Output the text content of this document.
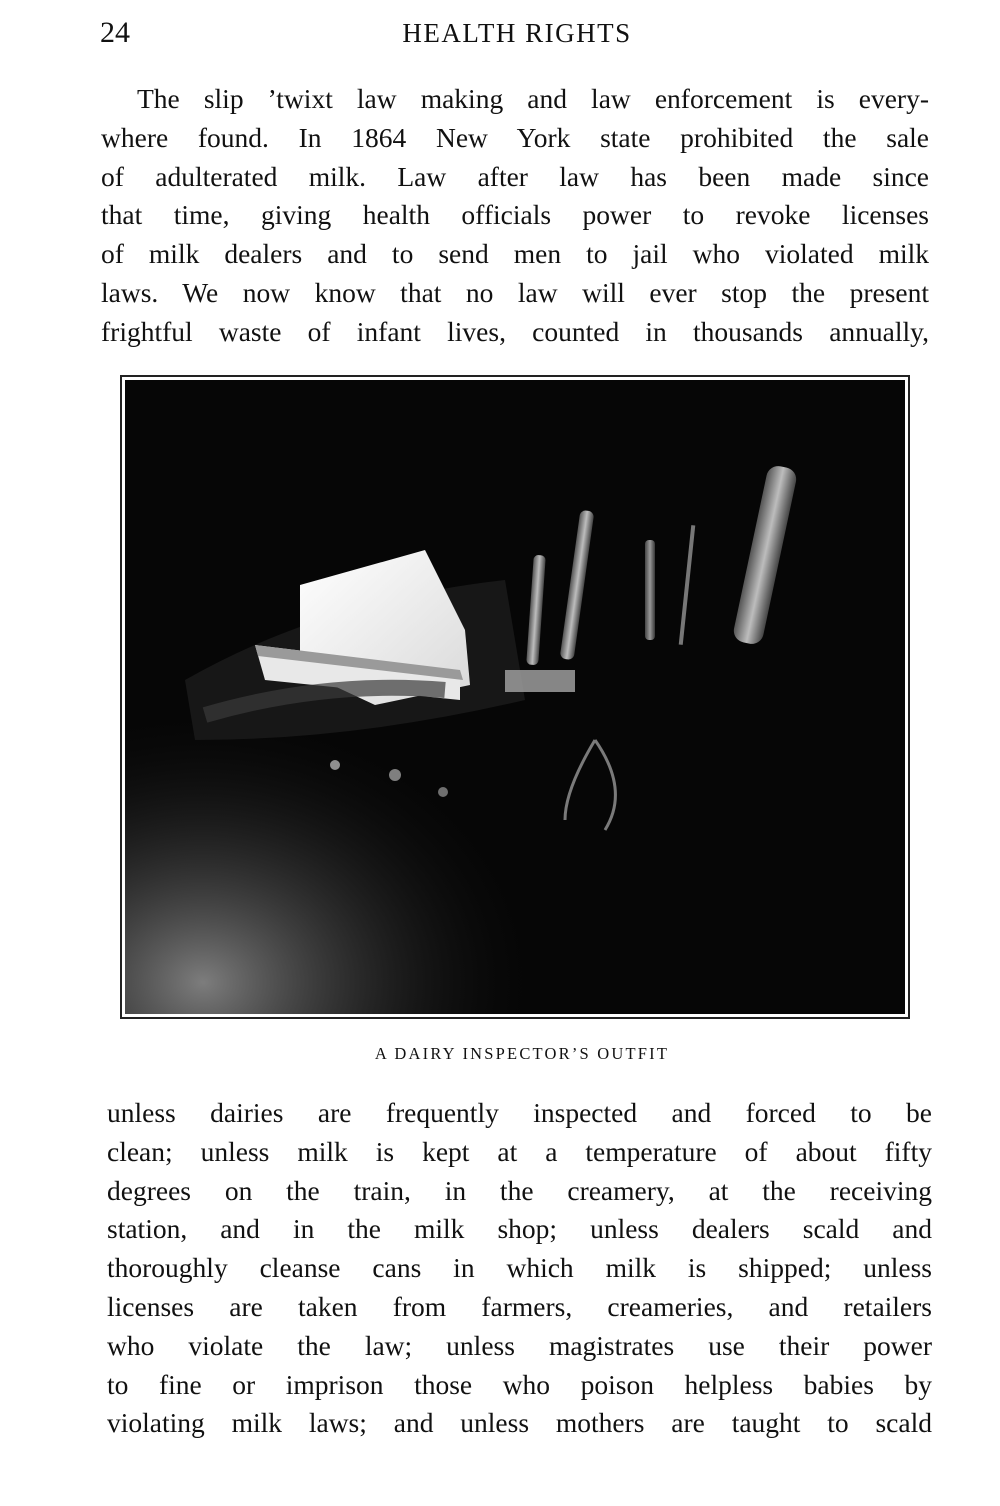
24	HEALTH RIGHTS

The slip ’twixt law making and law enforcement is every-
where found. In 1864 New York state prohibited the sale
of adulterated milk. Law after law has been made since
that time, giving health officials power to revoke licenses
of milk dealers and to send men to jail who violated milk
laws. We now know that no law will ever stop the present
frightful waste of infant lives, counted in thousands annually,

A DAIRY INSPECTOR’S OUTFIT

unless dairies are frequently inspected and forced to be
clean; unless milk is kept at a temperature of about fifty
degrees on the train, in the creamery, at the receiving
station, and in the milk shop; unless dealers scald and
thoroughly cleanse cans in which milk is shipped; unless
licenses are taken from farmers, creameries, and retailers
who violate the law; unless magistrates use their power
to fine or imprison those who poison helpless babies by
violating milk laws; and unless mothers are taught to scald
